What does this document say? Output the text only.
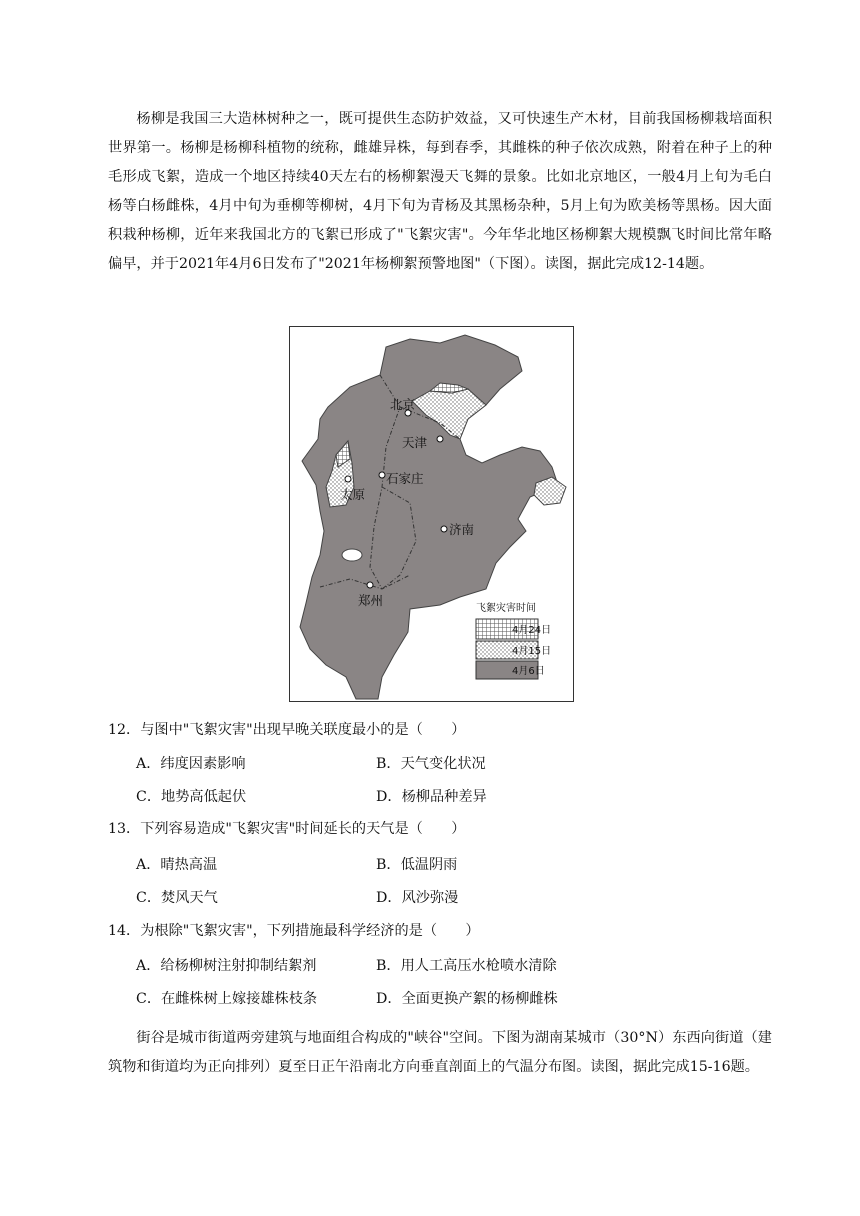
杨柳是我国三大造林树种之一，既可提供生态防护效益，又可快速生产木材，目前我国杨柳栽培面积世界第一。杨柳是杨柳科植物的统称，雌雄异株，每到春季，其雌株的种子依次成熟，附着在种子上的种毛形成飞絮，造成一个地区持续40天左右的杨柳絮漫天飞舞的景象。比如北京地区，一般4月上旬为毛白杨等白杨雌株，4月中旬为垂柳等柳树，4月下旬为青杨及其黑杨杂种，5月上旬为欧美杨等黑杨。因大面积栽种杨柳，近年来我国北方的飞絮已形成了"飞絮灾害"。今年华北地区杨柳絮大规模飘飞时间比常年略偏早，并于2021年4月6日发布了"2021年杨柳絮预警地图"（下图）。读图，据此完成12-14题。

北京
天津
石家庄
太原
济南
郑州
飞絮灾害时间
4月24日
4月15日
4月6日
12．与图中"飞絮灾害"出现早晚关联度最小的是（　　）
A．纬度因素影响	B．天气变化状况
C．地势高低起伏	D．杨柳品种差异
13．下列容易造成"飞絮灾害"时间延长的天气是（　　）
A．晴热高温	B．低温阴雨
C．焚风天气	D．风沙弥漫
14．为根除"飞絮灾害"，下列措施最科学经济的是（　　）
A．给杨柳树注射抑制结絮剂	B．用人工高压水枪喷水清除
C．在雌株树上嫁接雄株枝条	D．全面更换产絮的杨柳雌株

街谷是城市街道两旁建筑与地面组合构成的"峡谷"空间。下图为湖南某城市（30°N）东西向街道（建筑物和街道均为正向排列）夏至日正午沿南北方向垂直剖面上的气温分布图。读图，据此完成15-16题。
